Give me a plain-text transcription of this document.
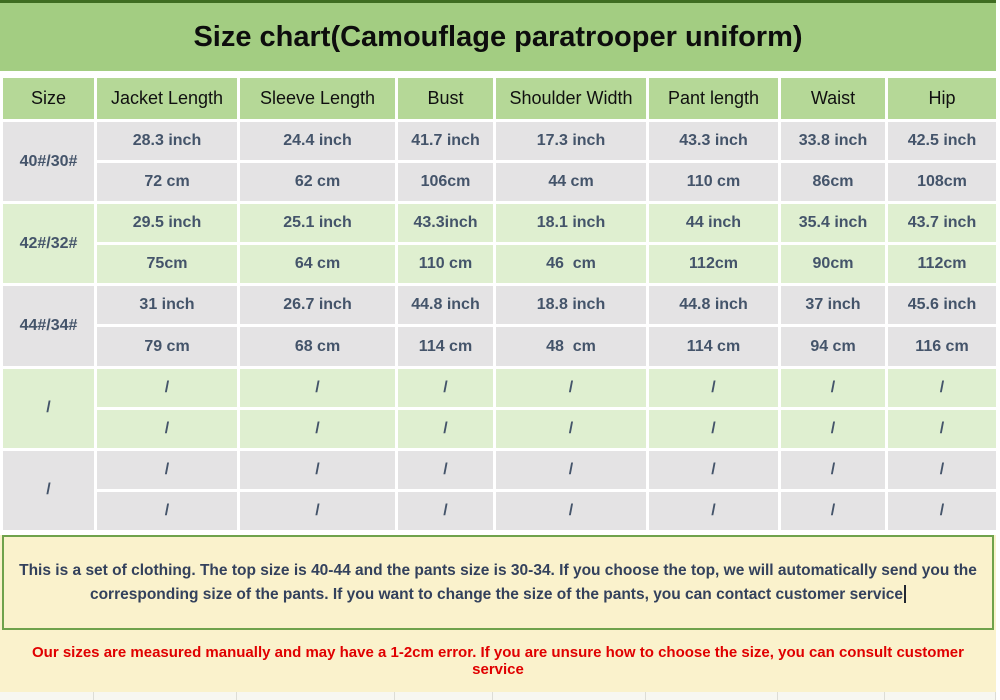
Size chart(Camouflage paratrooper uniform)
Size	Jacket Length	Sleeve Length	Bust	Shoulder Width	Pant length	Waist	Hip
40#/30#	28.3 inch	24.4 inch	41.7 inch	17.3 inch	43.3 inch	33.8 inch	42.5 inch
	72 cm	62 cm	106cm	44 cm	110 cm	86cm	108cm
42#/32#	29.5 inch	25.1 inch	43.3inch	18.1 inch	44 inch	35.4 inch	43.7 inch
	75cm	64 cm	110 cm	46  cm	112cm	90cm	112cm
44#/34#	31 inch	26.7 inch	44.8 inch	18.8 inch	44.8 inch	37 inch	45.6 inch
	79 cm	68 cm	114 cm	48  cm	114 cm	94 cm	116 cm
/	/	/	/	/	/	/	/
	/	/	/	/	/	/	/
/	/	/	/	/	/	/	/
	/	/	/	/	/	/	/

This is a set of clothing. The top size is 40-44 and the pants size is 30-34. If you choose the top, we will automatically send you the corresponding size of the pants. If you want to change the size of the pants, you can contact customer service

Our sizes are measured manually and may have a 1-2cm error. If you are unsure how to choose the size, you can consult customer service
